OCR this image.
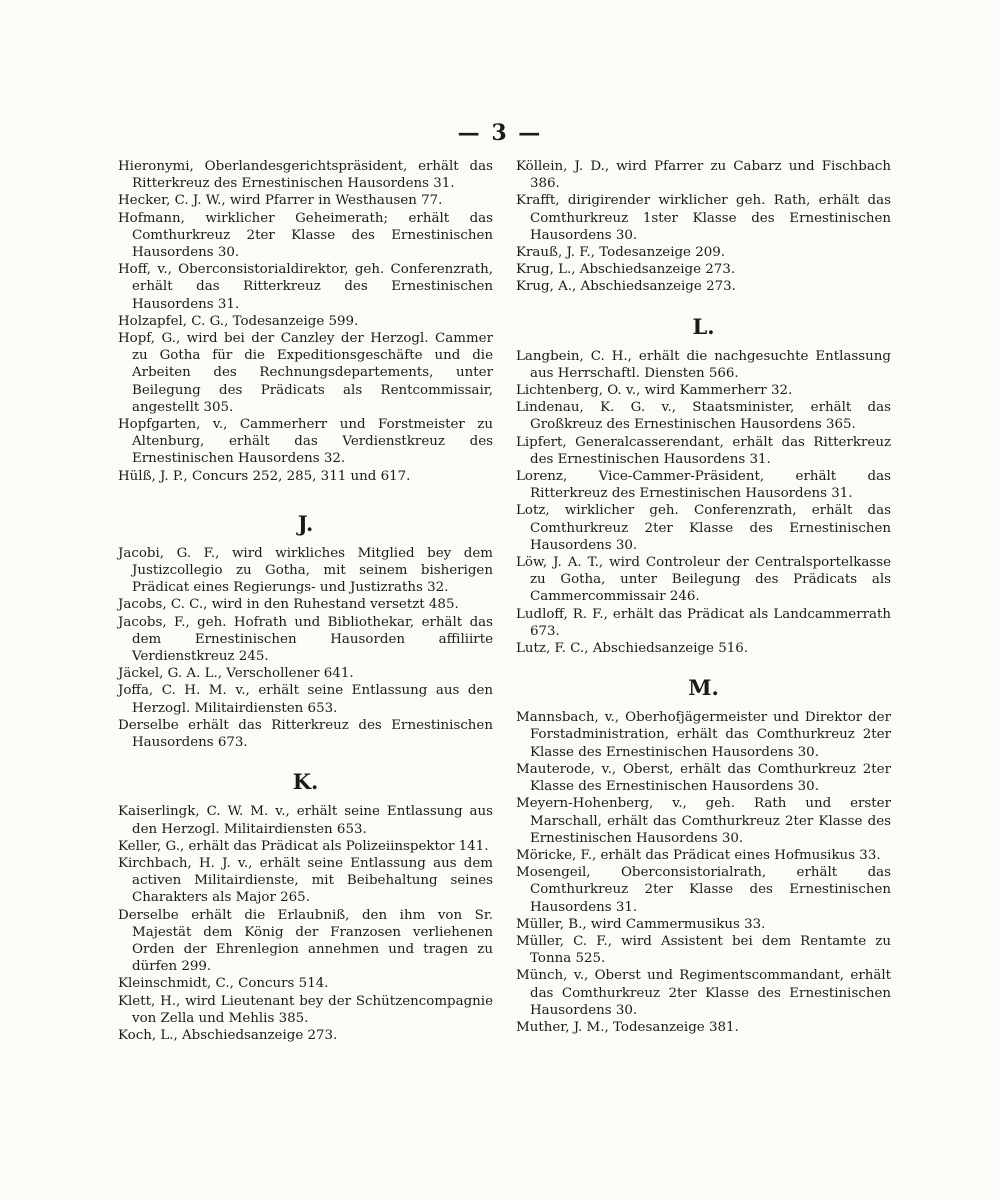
— 3 —
Hieronymi, Oberlandesgerichtspräsident, erhält das Ritterkreuz des Ernestinischen Hausordens 31.
Hecker, C. J. W., wird Pfarrer in Westhausen 77.
Hofmann, wirklicher Geheimerath; erhält das Comthurkreuz 2ter Klasse des Ernestinischen Hausordens 30.
Hoff, v., Oberconsistorialdirektor, geh. Conferenzrath, erhält das Ritterkreuz des Ernestinischen Hausordens 31.
Holzapfel, C. G., Todesanzeige 599.
Hopf, G., wird bei der Canzley der Herzogl. Cammer zu Gotha für die Expeditionsgeschäfte und die Arbeiten des Rechnungsdepartements, unter Beilegung des Prädicats als Rentcommissair, angestellt 305.
Hopfgarten, v., Cammerherr und Forstmeister zu Altenburg, erhält das Verdienstkreuz des Ernestinischen Hausordens 32.
Hülß, J. P., Concurs 252, 285, 311 und 617.
J.
Jacobi, G. F., wird wirkliches Mitglied bey dem Justizcollegio zu Gotha, mit seinem bisherigen Prädicat eines Regierungs- und Justizraths 32.
Jacobs, C. C., wird in den Ruhestand versetzt 485.
Jacobs, F., geh. Hofrath und Bibliothekar, erhält das dem Ernestinischen Hausorden affiliirte Verdienstkreuz 245.
Jäckel, G. A. L., Verschollener 641.
Joffa, C. H. M. v., erhält seine Entlassung aus den Herzogl. Militairdiensten 653.
Derselbe erhält das Ritterkreuz des Ernestinischen Hausordens 673.
K.
Kaiserlingk, C. W. M. v., erhält seine Entlassung aus den Herzogl. Militairdiensten 653.
Keller, G., erhält das Prädicat als Polizeiinspektor 141.
Kirchbach, H. J. v., erhält seine Entlassung aus dem activen Militairdienste, mit Beibehaltung seines Charakters als Major 265.
Derselbe erhält die Erlaubniß, den ihm von Sr. Majestät dem König der Franzosen verliehenen Orden der Ehrenlegion annehmen und tragen zu dürfen 299.
Kleinschmidt, C., Concurs 514.
Klett, H., wird Lieutenant bey der Schützencompagnie von Zella und Mehlis 385.
Koch, L., Abschiedsanzeige 273.
Köllein, J. D., wird Pfarrer zu Cabarz und Fischbach 386.
Krafft, dirigirender wirklicher geh. Rath, erhält das Comthurkreuz 1ster Klasse des Ernestinischen Hausordens 30.
Krauß, J. F., Todesanzeige 209.
Krug, L., Abschiedsanzeige 273.
Krug, A., Abschiedsanzeige 273.
L.
Langbein, C. H., erhält die nachgesuchte Entlassung aus Herrschaftl. Diensten 566.
Lichtenberg, O. v., wird Kammerherr 32.
Lindenau, K. G. v., Staatsminister, erhält das Großkreuz des Ernestinischen Hausordens 365.
Lipfert, Generalcasserendant, erhält das Ritterkreuz des Ernestinischen Hausordens 31.
Lorenz, Vice-Cammer-Präsident, erhält das Ritterkreuz des Ernestinischen Hausordens 31.
Lotz, wirklicher geh. Conferenzrath, erhält das Comthurkreuz 2ter Klasse des Ernestinischen Hausordens 30.
Löw, J. A. T., wird Controleur der Centralsportelkasse zu Gotha, unter Beilegung des Prädicats als Cammercommissair 246.
Ludloff, R. F., erhält das Prädicat als Landcammerrath 673.
Lutz, F. C., Abschiedsanzeige 516.
M.
Mannsbach, v., Oberhofjägermeister und Direktor der Forstadministration, erhält das Comthurkreuz 2ter Klasse des Ernestinischen Hausordens 30.
Mauterode, v., Oberst, erhält das Comthurkreuz 2ter Klasse des Ernestinischen Hausordens 30.
Meyern-Hohenberg, v., geh. Rath und erster Marschall, erhält das Comthurkreuz 2ter Klasse des Ernestinischen Hausordens 30.
Möricke, F., erhält das Prädicat eines Hofmusikus 33.
Mosengeil, Oberconsistorialrath, erhält das Comthurkreuz 2ter Klasse des Ernestinischen Hausordens 31.
Müller, B., wird Cammermusikus 33.
Müller, C. F., wird Assistent bei dem Rentamte zu Tonna 525.
Münch, v., Oberst und Regimentscommandant, erhält das Comthurkreuz 2ter Klasse des Ernestinischen Hausordens 30.
Muther, J. M., Todesanzeige 381.
